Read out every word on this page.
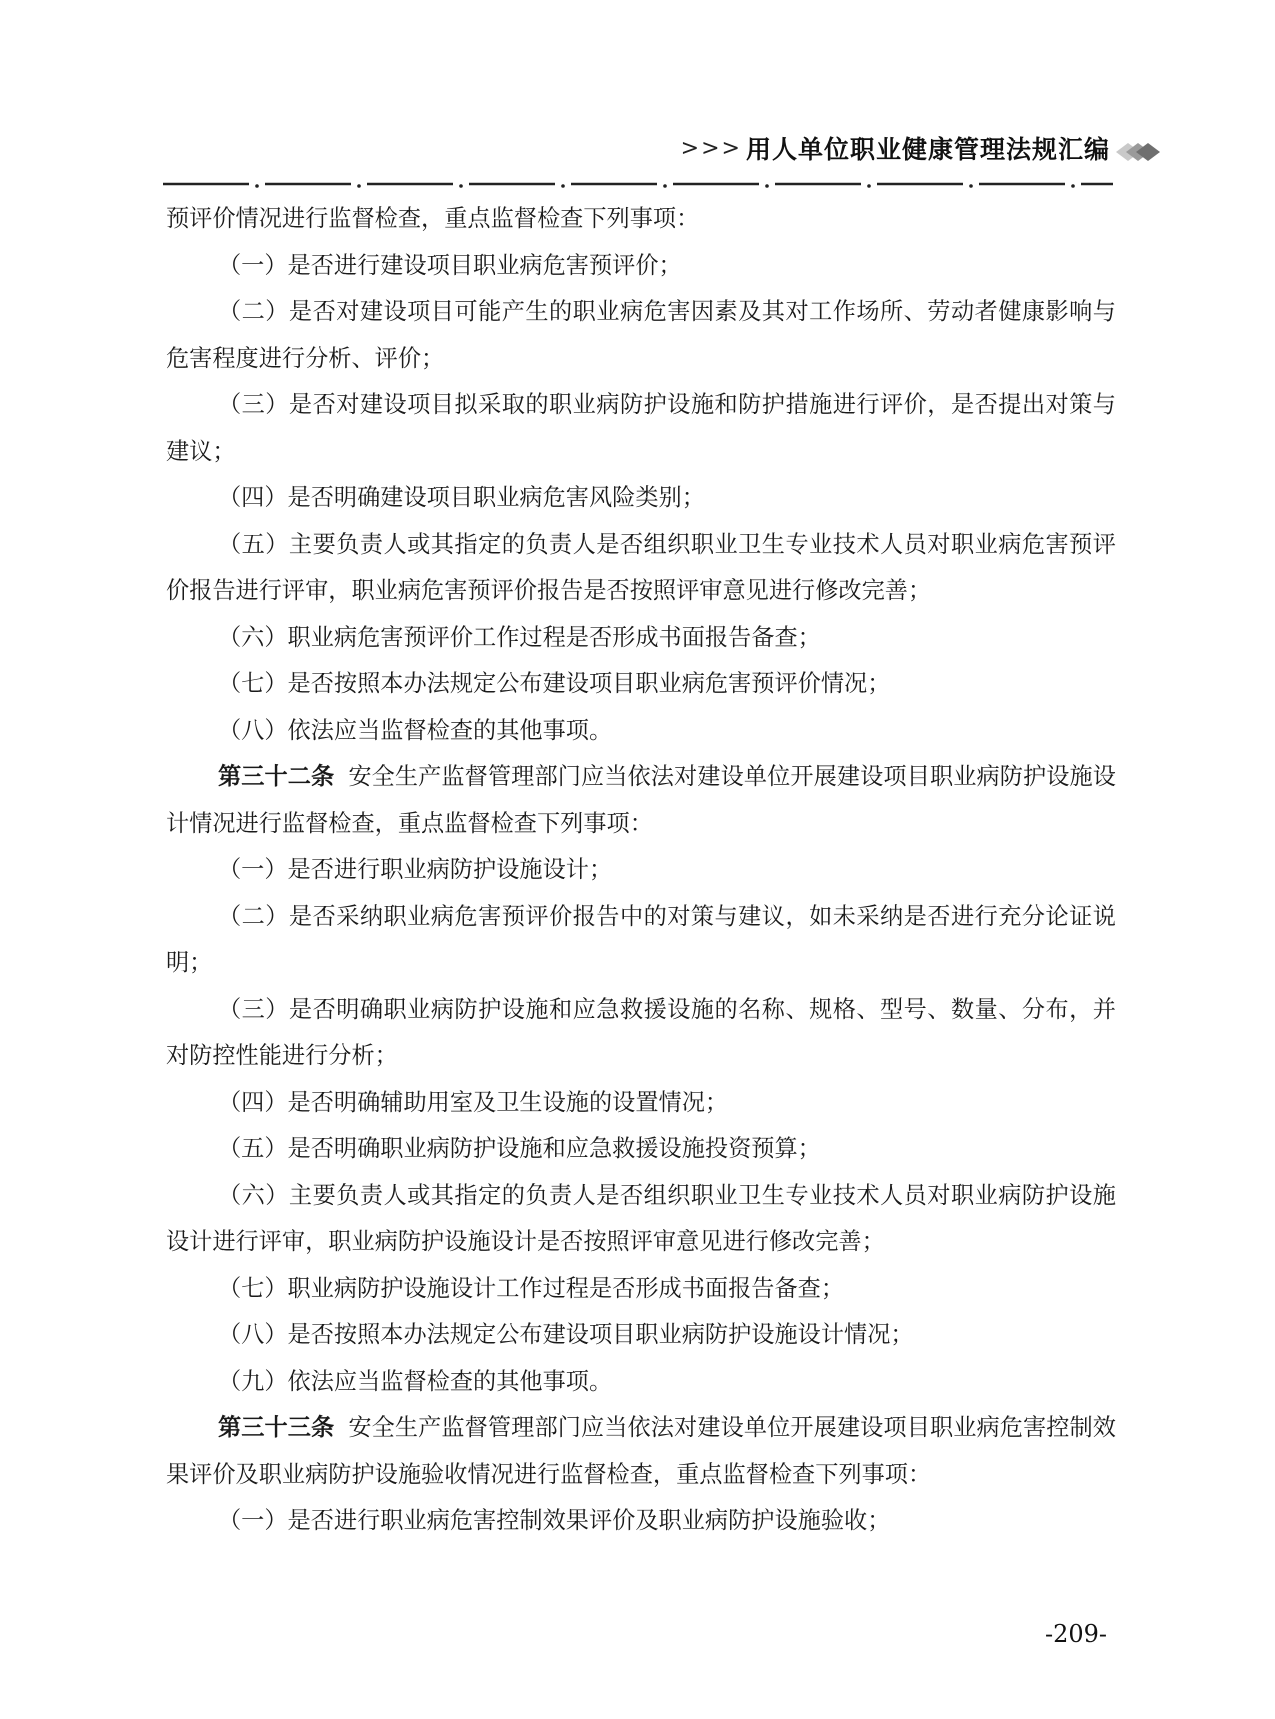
>>> 用人单位职业健康管理法规汇编

预评价情况进行监督检查，重点监督检查下列事项：

（一）是否进行建设项目职业病危害预评价；

（二）是否对建设项目可能产生的职业病危害因素及其对工作场所、劳动者健康影响与危害程度进行分析、评价；

（三）是否对建设项目拟采取的职业病防护设施和防护措施进行评价，是否提出对策与建议；

（四）是否明确建设项目职业病危害风险类别；

（五）主要负责人或其指定的负责人是否组织职业卫生专业技术人员对职业病危害预评价报告进行评审，职业病危害预评价报告是否按照评审意见进行修改完善；

（六）职业病危害预评价工作过程是否形成书面报告备查；

（七）是否按照本办法规定公布建设项目职业病危害预评价情况；

（八）依法应当监督检查的其他事项。

第三十二条 安全生产监督管理部门应当依法对建设单位开展建设项目职业病防护设施设计情况进行监督检查，重点监督检查下列事项：

（一）是否进行职业病防护设施设计；

（二）是否采纳职业病危害预评价报告中的对策与建议，如未采纳是否进行充分论证说明；

（三）是否明确职业病防护设施和应急救援设施的名称、规格、型号、数量、分布，并对防控性能进行分析；

（四）是否明确辅助用室及卫生设施的设置情况；

（五）是否明确职业病防护设施和应急救援设施投资预算；

（六）主要负责人或其指定的负责人是否组织职业卫生专业技术人员对职业病防护设施设计进行评审，职业病防护设施设计是否按照评审意见进行修改完善；

（七）职业病防护设施设计工作过程是否形成书面报告备查；

（八）是否按照本办法规定公布建设项目职业病防护设施设计情况；

（九）依法应当监督检查的其他事项。

第三十三条 安全生产监督管理部门应当依法对建设单位开展建设项目职业病危害控制效果评价及职业病防护设施验收情况进行监督检查，重点监督检查下列事项：

（一）是否进行职业病危害控制效果评价及职业病防护设施验收；

-209-
